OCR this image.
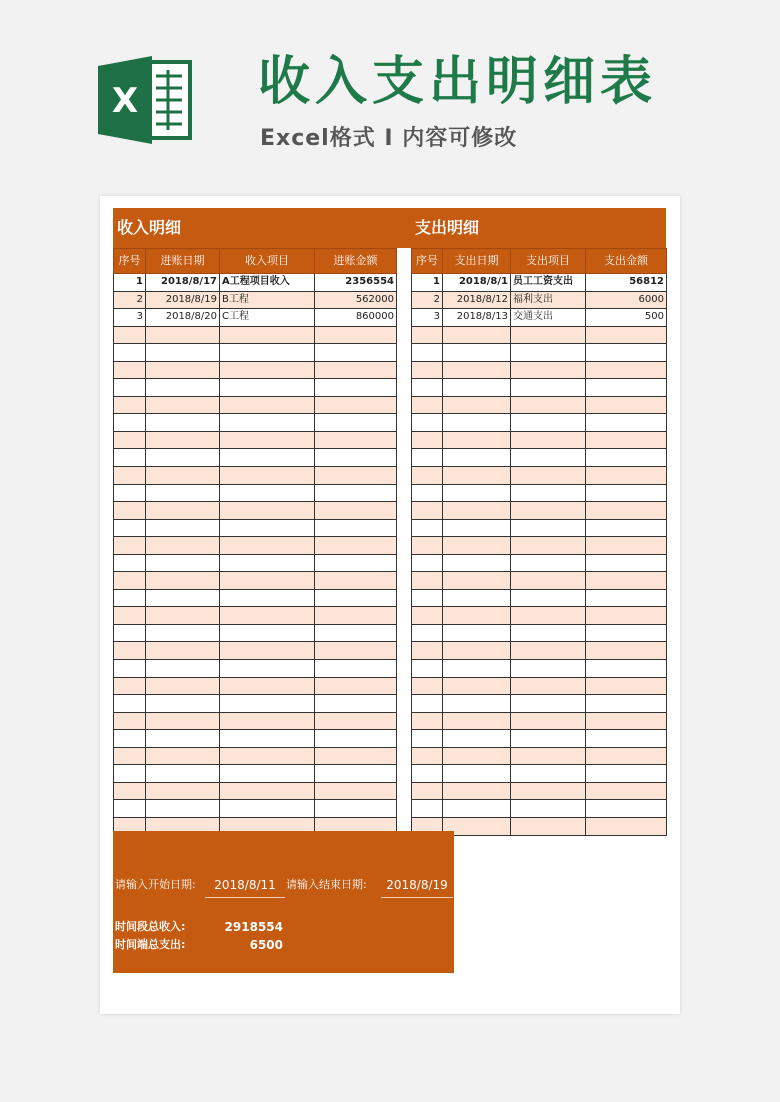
X 收入支出明细表
Excel格式 I 内容可修改
收入明细	支出明细
序号	进账日期	收入项目	进账金额
1	2018/8/17	A工程项目收入	2356554
2	2018/8/19	B工程	562000
3	2018/8/20	C工程	860000

序号	支出日期	支出项目	支出金额
1	2018/8/1	员工工资支出	56812
2	2018/8/12	福利支出	6000
3	2018/8/13	交通支出	500

请输入开始日期:	2018/8/11 请输入结束日期:	2018/8/19
时间段总收入:	2918554
时间端总支出:	6500
